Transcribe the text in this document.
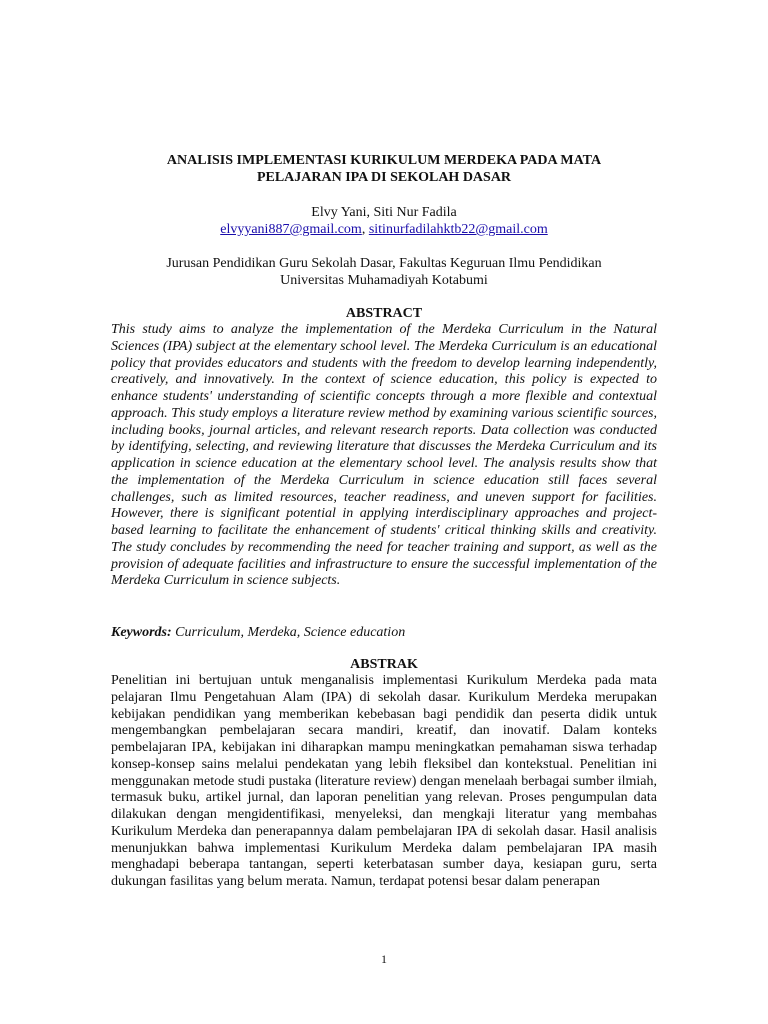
ANALISIS IMPLEMENTASI KURIKULUM MERDEKA PADA MATA
PELAJARAN IPA DI SEKOLAH DASAR
Elvy Yani, Siti Nur Fadila
elvyyani887@gmail.com, sitinurfadilahktb22@gmail.com
Jurusan Pendidikan Guru Sekolah Dasar, Fakultas Keguruan Ilmu Pendidikan
Universitas Muhamadiyah Kotabumi
ABSTRACT
This study aims to analyze the implementation of the Merdeka Curriculum in the Natural Sciences (IPA) subject at the elementary school level. The Merdeka Curriculum is an educational policy that provides educators and students with the freedom to develop learning independently, creatively, and innovatively. In the context of science education, this policy is expected to enhance students' understanding of scientific concepts through a more flexible and contextual approach. This study employs a literature review method by examining various scientific sources, including books, journal articles, and relevant research reports. Data collection was conducted by identifying, selecting, and reviewing literature that discusses the Merdeka Curriculum and its application in science education at the elementary school level. The analysis results show that the implementation of the Merdeka Curriculum in science education still faces several challenges, such as limited resources, teacher readiness, and uneven support for facilities. However, there is significant potential in applying interdisciplinary approaches and project-based learning to facilitate the enhancement of students' critical thinking skills and creativity. The study concludes by recommending the need for teacher training and support, as well as the provision of adequate facilities and infrastructure to ensure the successful implementation of the Merdeka Curriculum in science subjects.
Keywords: Curriculum, Merdeka, Science education
ABSTRAK
Penelitian ini bertujuan untuk menganalisis implementasi Kurikulum Merdeka pada mata pelajaran Ilmu Pengetahuan Alam (IPA) di sekolah dasar. Kurikulum Merdeka merupakan kebijakan pendidikan yang memberikan kebebasan bagi pendidik dan peserta didik untuk mengembangkan pembelajaran secara mandiri, kreatif, dan inovatif. Dalam konteks pembelajaran IPA, kebijakan ini diharapkan mampu meningkatkan pemahaman siswa terhadap konsep-konsep sains melalui pendekatan yang lebih fleksibel dan kontekstual. Penelitian ini menggunakan metode studi pustaka (literature review) dengan menelaah berbagai sumber ilmiah, termasuk buku, artikel jurnal, dan laporan penelitian yang relevan. Proses pengumpulan data dilakukan dengan mengidentifikasi, menyeleksi, dan mengkaji literatur yang membahas Kurikulum Merdeka dan penerapannya dalam pembelajaran IPA di sekolah dasar. Hasil analisis menunjukkan bahwa implementasi Kurikulum Merdeka dalam pembelajaran IPA masih menghadapi beberapa tantangan, seperti keterbatasan sumber daya, kesiapan guru, serta dukungan fasilitas yang belum merata. Namun, terdapat potensi besar dalam penerapan
1
